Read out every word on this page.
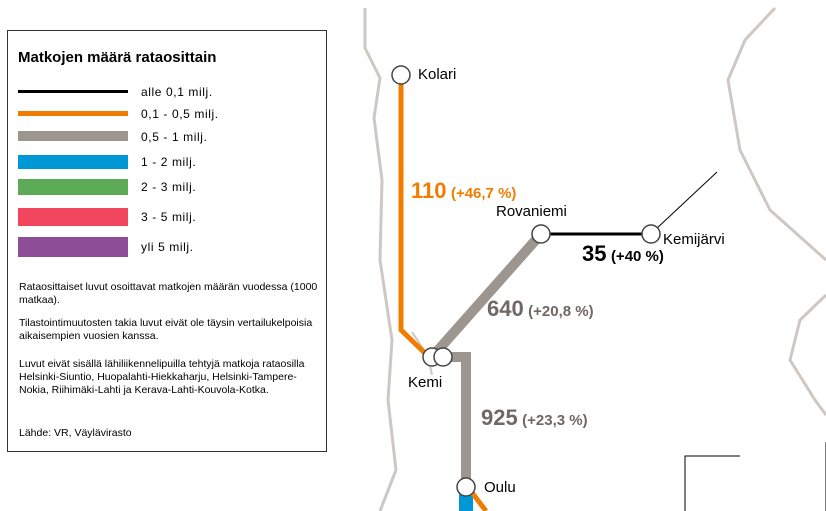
Kolari
Rovaniemi
Kemijärvi
Kemi
Oulu
110 (+46,7 %)
35 (+40 %)
640 (+20,8 %)
925 (+23,3 %)
Matkojen määrä rataosittain
alle 0,1 milj.
0,1 - 0,5 milj.
0,5 - 1 milj.
1 - 2 milj.
2 - 3 milj.
3 - 5 milj.
yli 5 milj.

Rataosittaiset luvut osoittavat matkojen määrän vuodessa (1000 matkaa).

Tilastointimuutosten takia luvut eivät ole täysin vertailukelpoisia aikaisempien vuosien kanssa.

Luvut eivät sisällä lähiliikennelipuilla tehtyjä matkoja rataosilla Helsinki-Siuntio, Huopalahti-Hiekkaharju, Helsinki-Tampere-Nokia, Riihimäki-Lahti ja Kerava-Lahti-Kouvola-Kotka.

Lähde: VR, Väylävirasto
